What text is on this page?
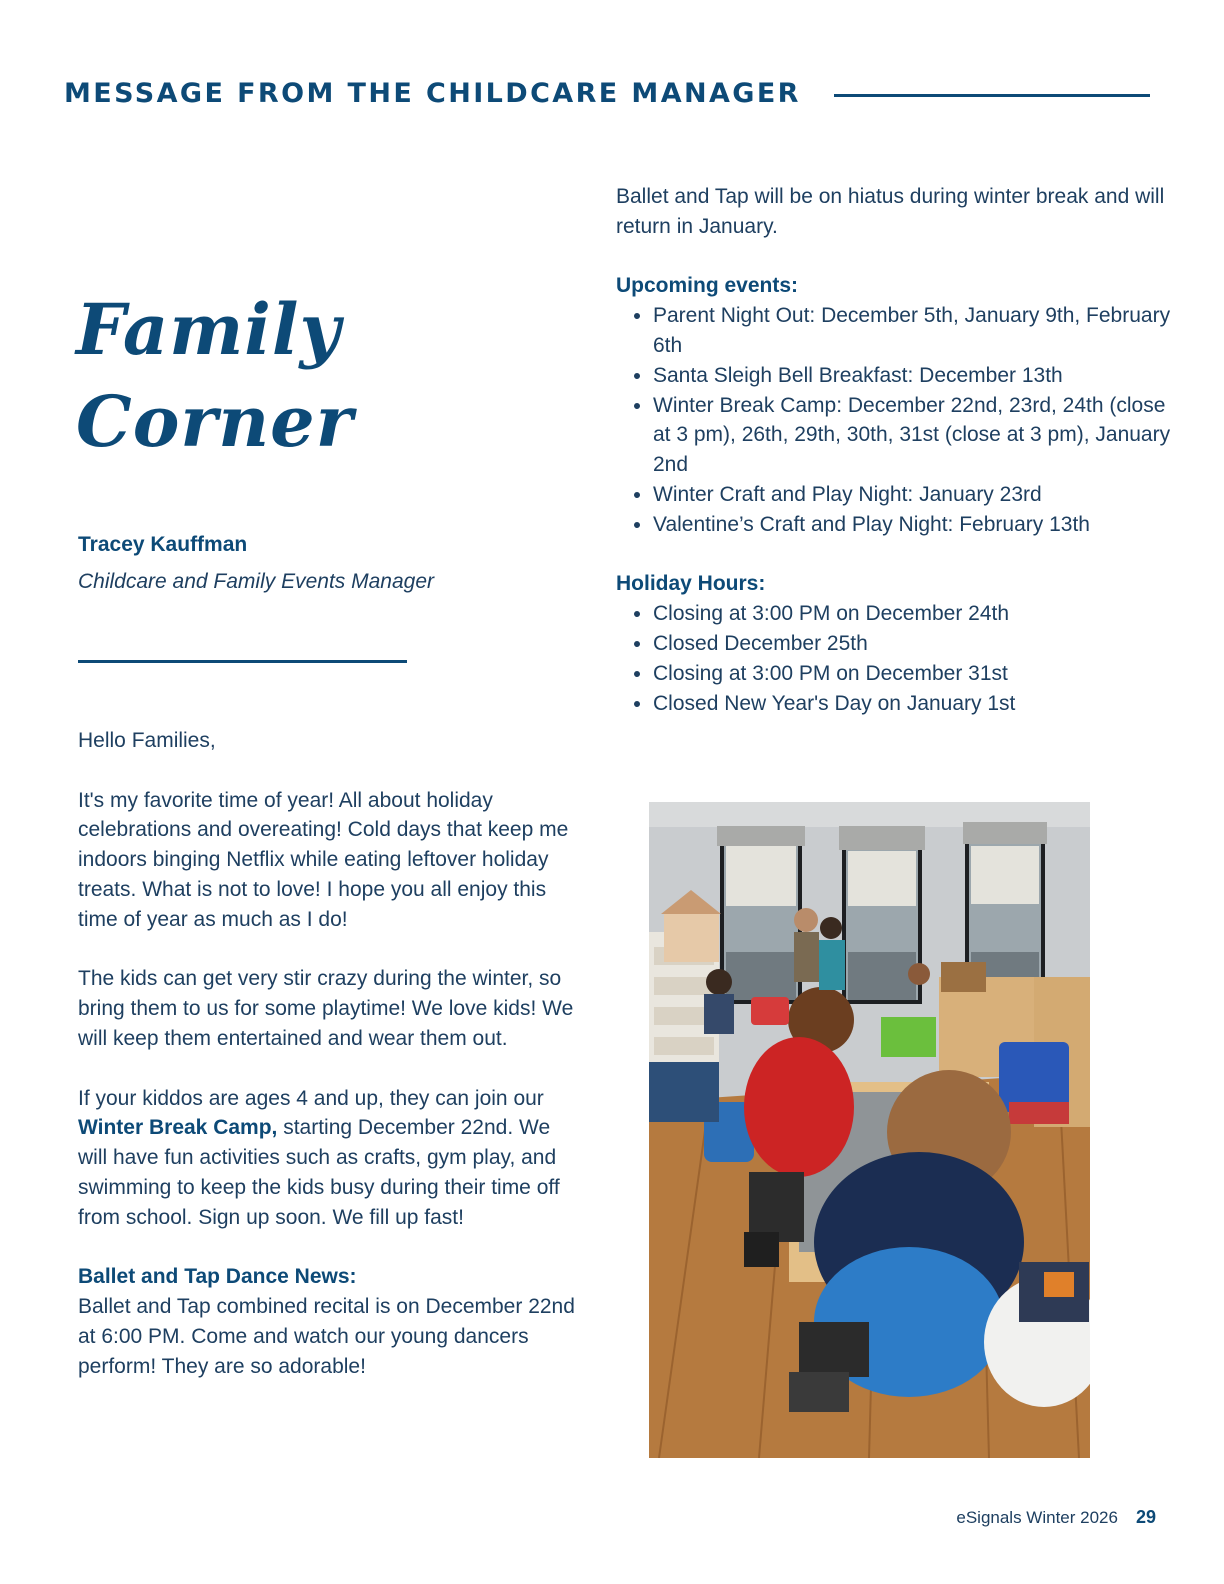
MESSAGE FROM THE CHILDCARE MANAGER
Family
Corner
Tracey Kauffman
Childcare and Family Events Manager

Hello Families,

It's my favorite time of year! All about holiday celebrations and overeating! Cold days that keep me indoors binging Netflix while eating leftover holiday treats. What is not to love! I hope you all enjoy this time of year as much as I do!

The kids can get very stir crazy during the winter, so bring them to us for some playtime! We love kids! We will keep them entertained and wear them out.

If your kiddos are ages 4 and up, they can join our Winter Break Camp, starting December 22nd. We will have fun activities such as crafts, gym play, and swimming to keep the kids busy during their time off from school. Sign up soon. We fill up fast!

Ballet and Tap Dance News:

Ballet and Tap combined recital is on December 22nd at 6:00 PM. Come and watch our young dancers perform! They are so adorable!

Ballet and Tap will be on hiatus during winter break and will return in January.

Upcoming events:
• Parent Night Out: December 5th, January 9th, February 6th
• Santa Sleigh Bell Breakfast: December 13th
• Winter Break Camp: December 22nd, 23rd, 24th (close at 3 pm), 26th, 29th, 30th, 31st (close at 3 pm), January 2nd
• Winter Craft and Play Night: January 23rd
• Valentine’s Craft and Play Night: February 13th
Holiday Hours:
• Closing at 3:00 PM on December 24th
• Closed December 25th
• Closing at 3:00 PM on December 31st
• Closed New Year's Day on January 1st
eSignals Winter 2026 29
